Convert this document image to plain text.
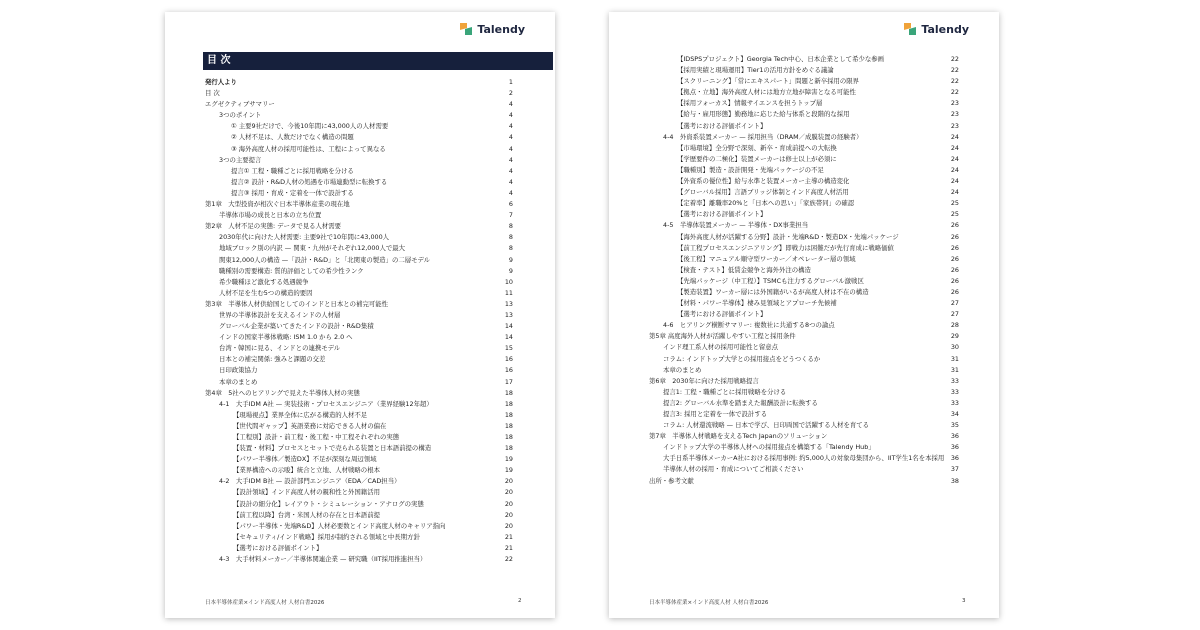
Talendy
目 次
発行人より	1
目 次	2
エグゼクティブサマリー	4
3つのポイント	4
① 主要9社だけで、今後10年間に43,000人の人材需要	4
② 人材不足は、人数だけでなく構造の問題	4
③ 海外高度人材の採用可能性は、工程によって異なる	4
3つの主要提言	4
提言① 工程・職種ごとに採用戦略を分ける	4
提言② 設計・R&D人材の処遇を市場連動型に転換する	4
提言③ 採用・育成・定着を一体で設計する	4
第1章　大型投資が相次ぐ日本半導体産業の現在地	6
半導体市場の成長と日本の立ち位置	7
第2章　人材不足の実態: データで見る人材需要	8
2030年代に向けた人材需要: 主要9社で10年間に43,000人	8
地域ブロック別の内訳 — 関東・九州がそれぞれ12,000人で最大	8
関東12,000人の構造 —「設計・R&D」と「北関東の製造」の二層モデル	9
職種別の需要構造: 質的評価としての希少性ランク	9
希少職種ほど激化する処遇競争	10
人材不足を生む5つの構造的要因	11
第3章　半導体人材供給国としてのインドと日本との補完可能性	13
世界の半導体設計を支えるインドの人材層	13
グローバル企業が築いてきたインドの設計・R&D集積	14
インドの国家半導体戦略: ISM 1.0 から 2.0 へ	14
台湾・韓国に見る、インドとの連携モデル	15
日本との補完関係: 強みと課題の交差	16
日印政策協力	16
本章のまとめ	17
第4章　5社へのヒアリングで見えた半導体人材の実態	18
4-1　大手IDM A社 — 実装技術・プロセスエンジニア（業界経験12年超）	18
【現場視点】業界全体に広がる構造的人材不足	18
【世代間ギャップ】英語業務に対応できる人材の偏在	18
【工程別】設計・前工程・後工程・中工程それぞれの実態	18
【装置・材料】プロセスとセットで売られる装置と日本語前提の構造	18
【パワー半導体／製造DX】不足が深刻な周辺領域	19
【業界構造への示唆】統合と立地、人材戦略の根本	19
4-2　大手IDM B社 — 設計部門エンジニア（EDA／CAD担当）	20
【設計領域】インド高度人材の親和性と外国籍活用	20
【設計の細分化】レイアウト・シミュレーション・アナログの実態	20
【前工程以降】台湾・米国人材の存在と日本語前提	20
【パワー半導体・先端R&D】人材必要数とインド高度人材のキャリア指向	20
【セキュリティ/インド戦略】採用が制約される領域と中長期方針	21
【選考における評価ポイント】	21
4-3　大手材料メーカー／半導体関連企業 — 研究職（IIT採用推進担当）	22
日本半導体産業×インド高度人材 人材白書2026	2
Talendy
【IDSPSプロジェクト】Georgia Tech中心、日本企業として希少な参画	22
【採用実績と現場運用】Tier1の活用方針をめぐる議論	22
【スクリーニング】「常にエキスパート」問題と新卒採用の限界	22
【拠点・立地】海外高度人材には地方立地が障害となる可能性	22
【採用フォーカス】情報サイエンスを担うトップ層	23
【給与・雇用形態】勤務地に応じた給与体系と段階的な採用	23
【選考における評価ポイント】	23
4-4　外資系装置メーカー — 採用担当（DRAM／成膜装置の経験者）	24
【市場環境】全分野で深刻、新卒・育成前提への大転換	24
【学歴要件の二極化】装置メーカーは修士以上が必須に	24
【職種別】製造・設計開発・先端パッケージの不足	24
【外資系の優位性】給与水準と装置メーカー主導の構造変化	24
【グローバル採用】言語ブリッジ体制とインド高度人材活用	24
【定着率】離職率20%と「日本への思い」「家族帯同」の確認	25
【選考における評価ポイント】	25
4-5　半導体装置メーカー — 半導体・DX事業担当	26
【海外高度人材が活躍する分野】設計・先端R&D・製造DX・先端パッケージ	26
【前工程プロセスエンジニアリング】即戦力は困難だが先行育成に戦略価値	26
【後工程】マニュアル順守型ワーカー／オペレーター層の領域	26
【検査・テスト】低賃金競争と海外外注の構造	26
【先端パッケージ（中工程）】TSMCも注力するグローバル激戦区	26
【製造装置】ワーカー層には外国籍がいるが高度人材は不在の構造	26
【材料・パワー半導体】棲み見領域とアプローチ先候補	27
【選考における評価ポイント】	27
4-6　ヒアリング横断サマリー: 複数社に共通する8つの論点	28
第5章 高度海外人材が活躍しやすい工程と採用条件	29
インド理工系人材の採用可能性と留意点	30
コラム: インドトップ大学との採用接点をどうつくるか	31
本章のまとめ	31
第6章　2030年に向けた採用戦略提言	33
提言1: 工程・職種ごとに採用戦略を分ける	33
提言2: グローバル水準を踏まえた報酬設計に転換する	33
提言3: 採用と定着を一体で設計する	34
コラム: 人材還流戦略 — 日本で学び、日印両国で活躍する人材を育てる	35
第7章　半導体人材戦略を支えるTech Japanのソリューション	36
インドトップ大学の半導体人材への採用接点を構築する「Talendy Hub」	36
大手日系半導体メーカーA社における採用事例: 約5,000人の対象母集団から、IIT学生1名を本採用	36
半導体人材の採用・育成についてご相談ください	37
出所・参考文献	38
日本半導体産業×インド高度人材 人材白書2026	3
